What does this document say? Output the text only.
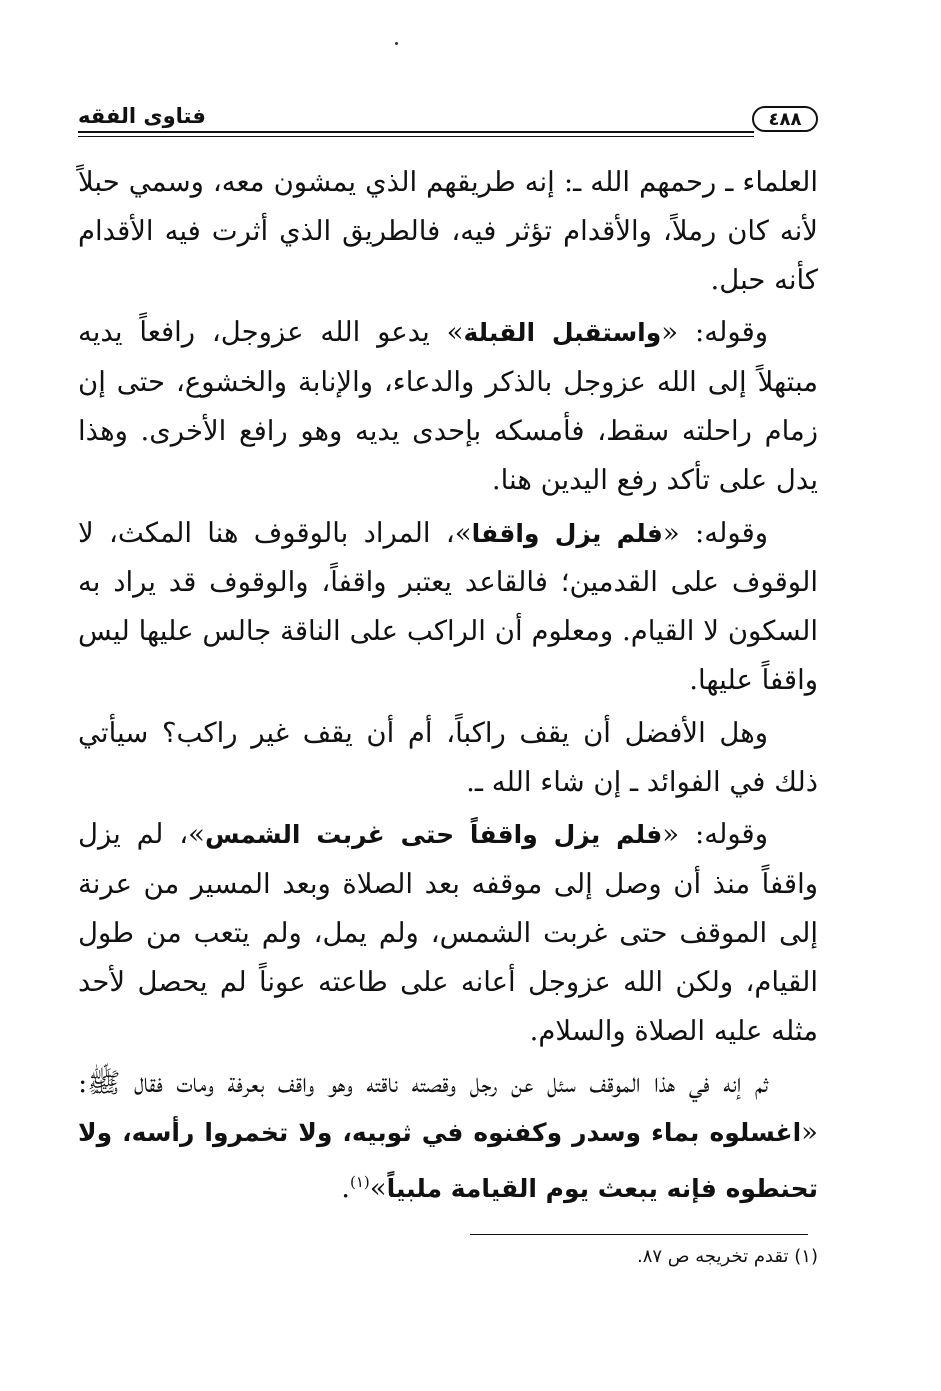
فتاوى الفقه	٤٨٨

العلماء ـ رحمهم الله ـ: إنه طريقهم الذي يمشون معه، وسمي حبلاً لأنه كان رملاً، والأقدام تؤثر فيه، فالطريق الذي أثرت فيه الأقدام كأنه حبل.

وقوله: «واستقبل القبلة» يدعو الله عزوجل، رافعاً يديه مبتهلاً إلى الله عزوجل بالذكر والدعاء، والإنابة والخشوع، حتى إن زمام راحلته سقط، فأمسكه بإحدى يديه وهو رافع الأخرى. وهذا يدل على تأكد رفع اليدين هنا.

وقوله: «فلم يزل واقفا»، المراد بالوقوف هنا المكث، لا الوقوف على القدمين؛ فالقاعد يعتبر واقفاً، والوقوف قد يراد به السكون لا القيام. ومعلوم أن الراكب على الناقة جالس عليها ليس واقفاً عليها.

وهل الأفضل أن يقف راكباً، أم أن يقف غير راكب؟ سيأتي ذلك في الفوائد ـ إن شاء الله ـ.

وقوله: «فلم يزل واقفاً حتى غربت الشمس»، لم يزل واقفاً منذ أن وصل إلى موقفه بعد الصلاة وبعد المسير من عرنة إلى الموقف حتى غربت الشمس، ولم يمل، ولم يتعب من طول القيام، ولكن الله عزوجل أعانه على طاعته عوناً لم يحصل لأحد مثله عليه الصلاة والسلام.

ثم إنه في هذا الموقف سئل عن رجل وقصته ناقته وهو واقف بعرفة ومات فقال ﷺ: «اغسلوه بماء وسدر وكفنوه في ثوبيه، ولا تخمروا رأسه، ولا تحنطوه فإنه يبعث يوم القيامة ملبياً»$^{(١)}$.

(١) تقدم تخريجه ص ٨٧.
